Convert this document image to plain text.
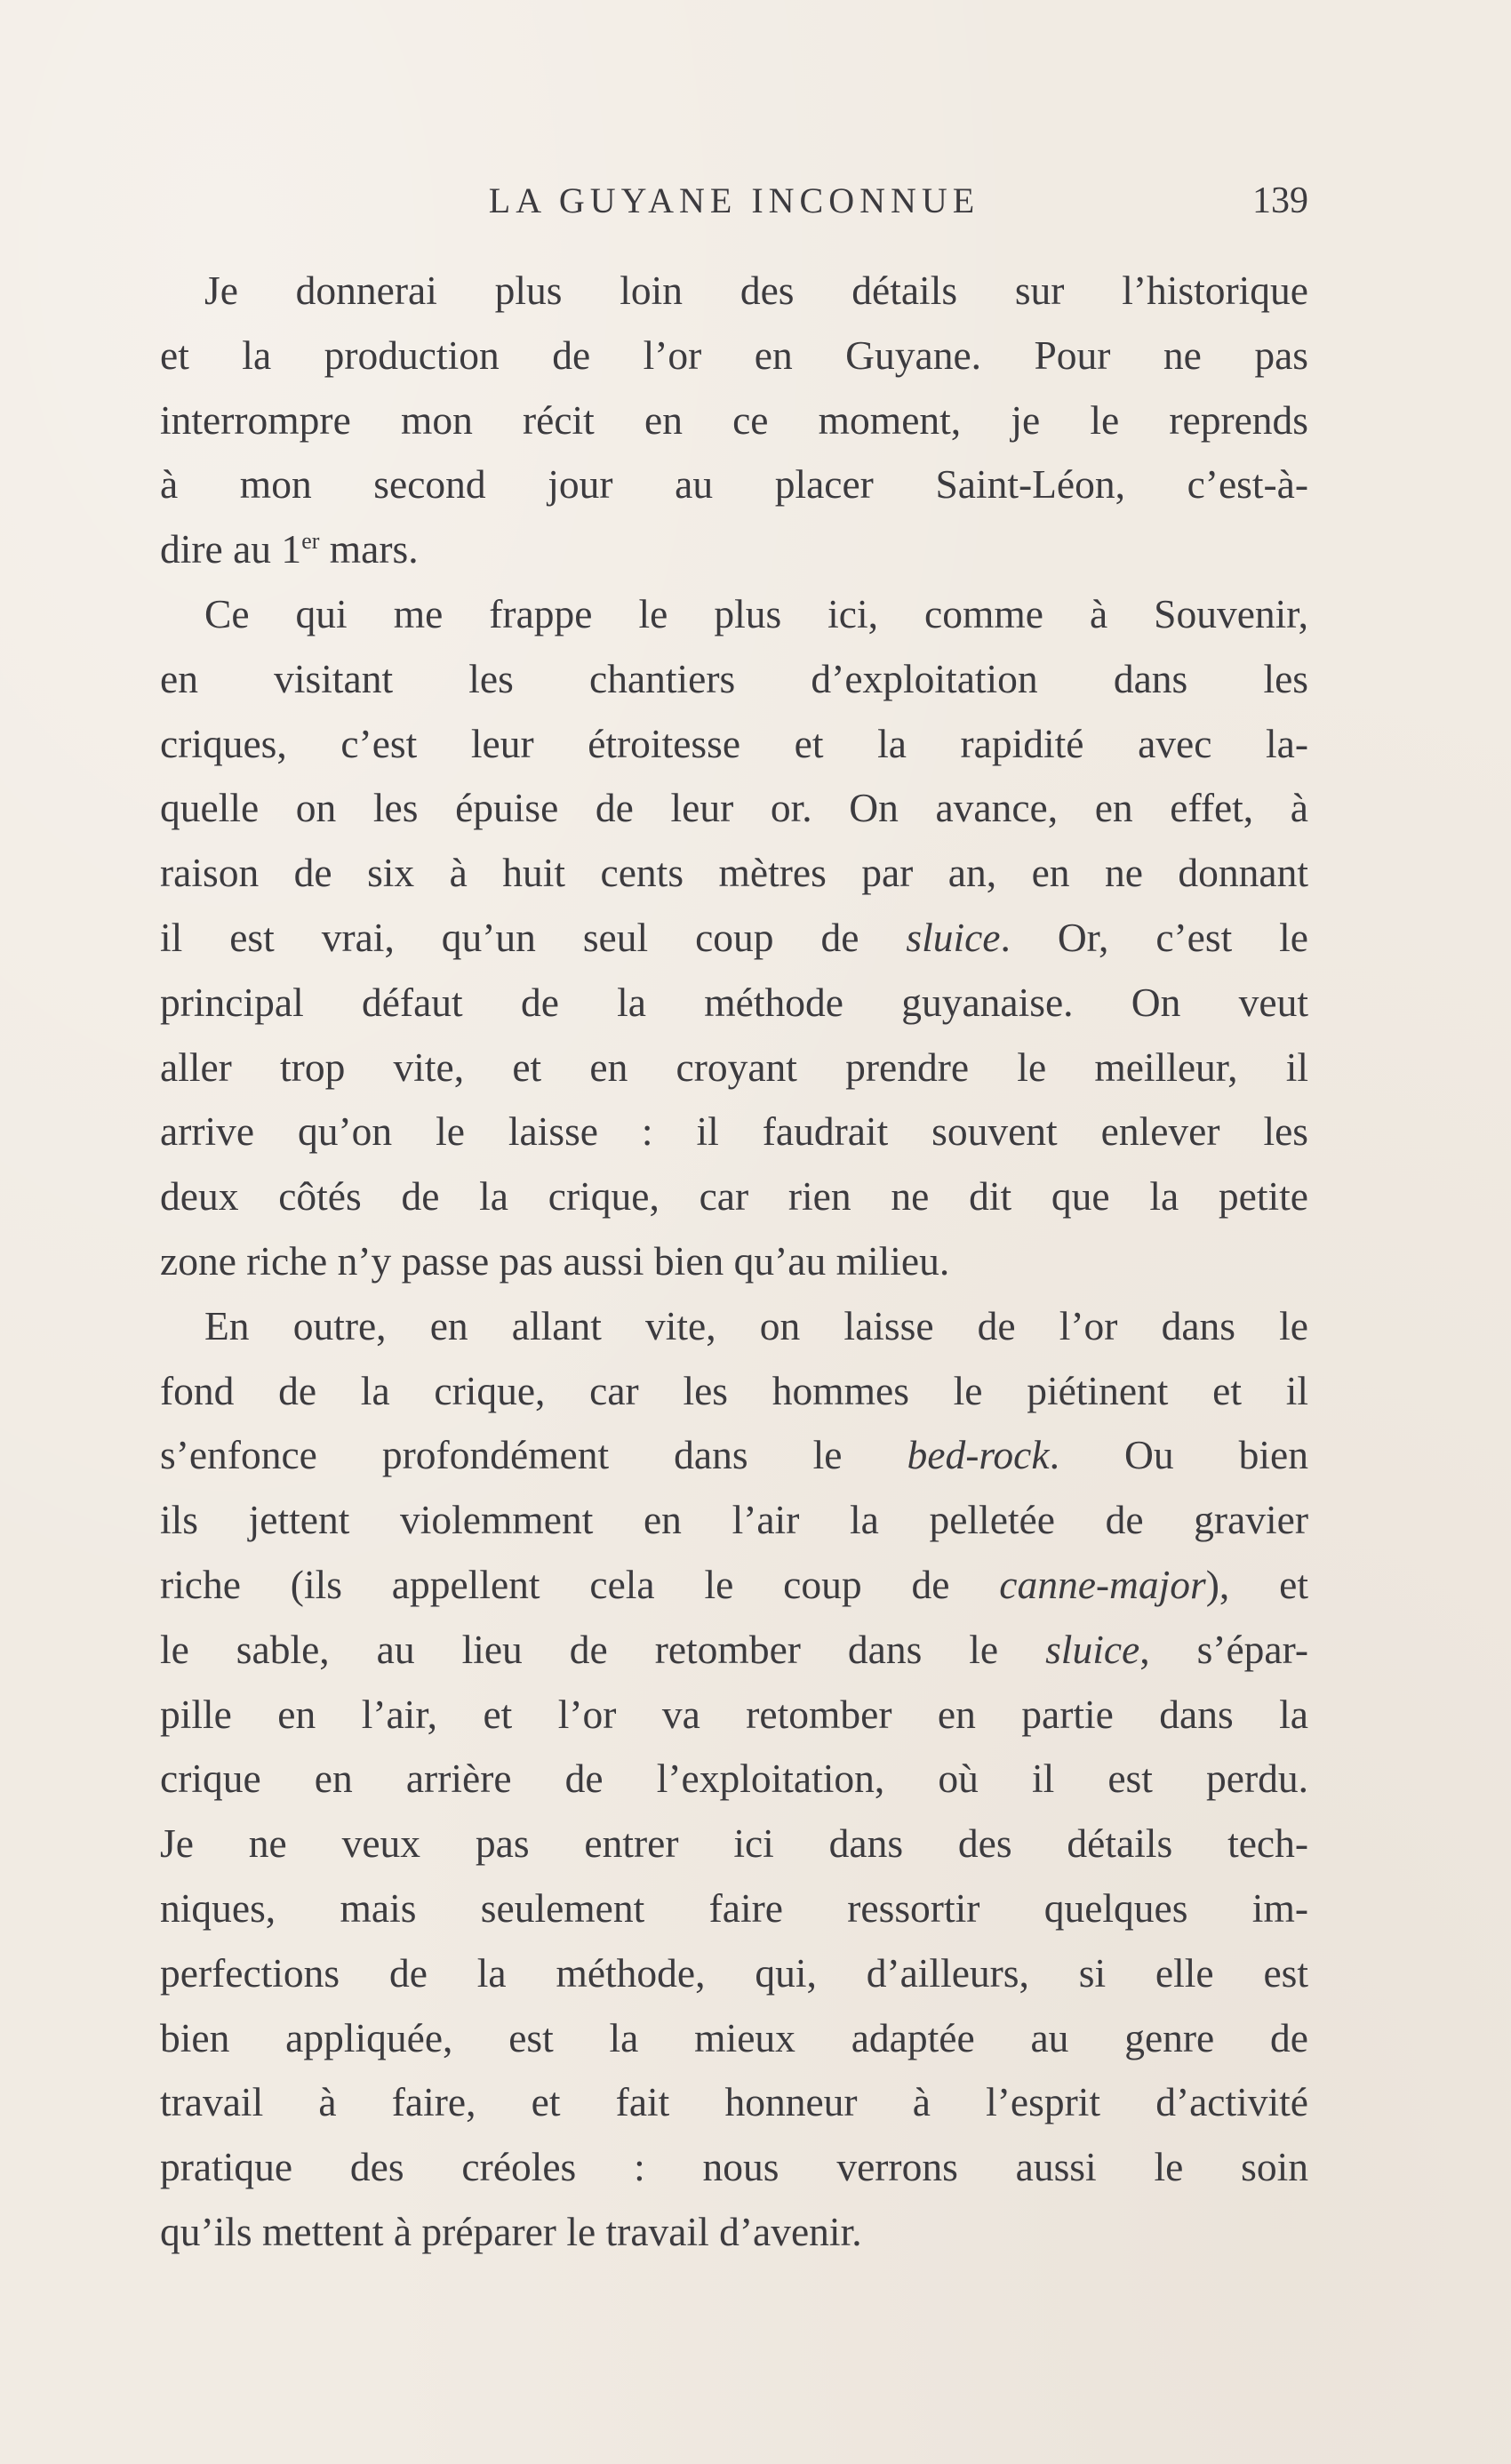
LA GUYANE INCONNUE	139
Je donnerai plus loin des détails sur l’historique
et la production de l’or en Guyane. Pour ne pas
interrompre mon récit en ce moment, je le reprends
à mon second jour au placer Saint-Léon, c’est-à-
dire au 1er mars.
Ce qui me frappe le plus ici, comme à Souvenir,
en visitant les chantiers d’exploitation dans les
criques, c’est leur étroitesse et la rapidité avec la-
quelle on les épuise de leur or. On avance, en effet, à
raison de six à huit cents mètres par an, en ne donnant
il est vrai, qu’un seul coup de sluice. Or, c’est le
principal défaut de la méthode guyanaise. On veut
aller trop vite, et en croyant prendre le meilleur, il
arrive qu’on le laisse : il faudrait souvent enlever les
deux côtés de la crique, car rien ne dit que la petite
zone riche n’y passe pas aussi bien qu’au milieu.
En outre, en allant vite, on laisse de l’or dans le
fond de la crique, car les hommes le piétinent et il
s’enfonce profondément dans le bed-rock. Ou bien
ils jettent violemment en l’air la pelletée de gravier
riche (ils appellent cela le coup de canne-major), et
le sable, au lieu de retomber dans le sluice, s’épar-
pille en l’air, et l’or va retomber en partie dans la
crique en arrière de l’exploitation, où il est perdu.
Je ne veux pas entrer ici dans des détails tech-
niques, mais seulement faire ressortir quelques im-
perfections de la méthode, qui, d’ailleurs, si elle est
bien appliquée, est la mieux adaptée au genre de
travail à faire, et fait honneur à l’esprit d’activité
pratique des créoles : nous verrons aussi le soin
qu’ils mettent à préparer le travail d’avenir.
